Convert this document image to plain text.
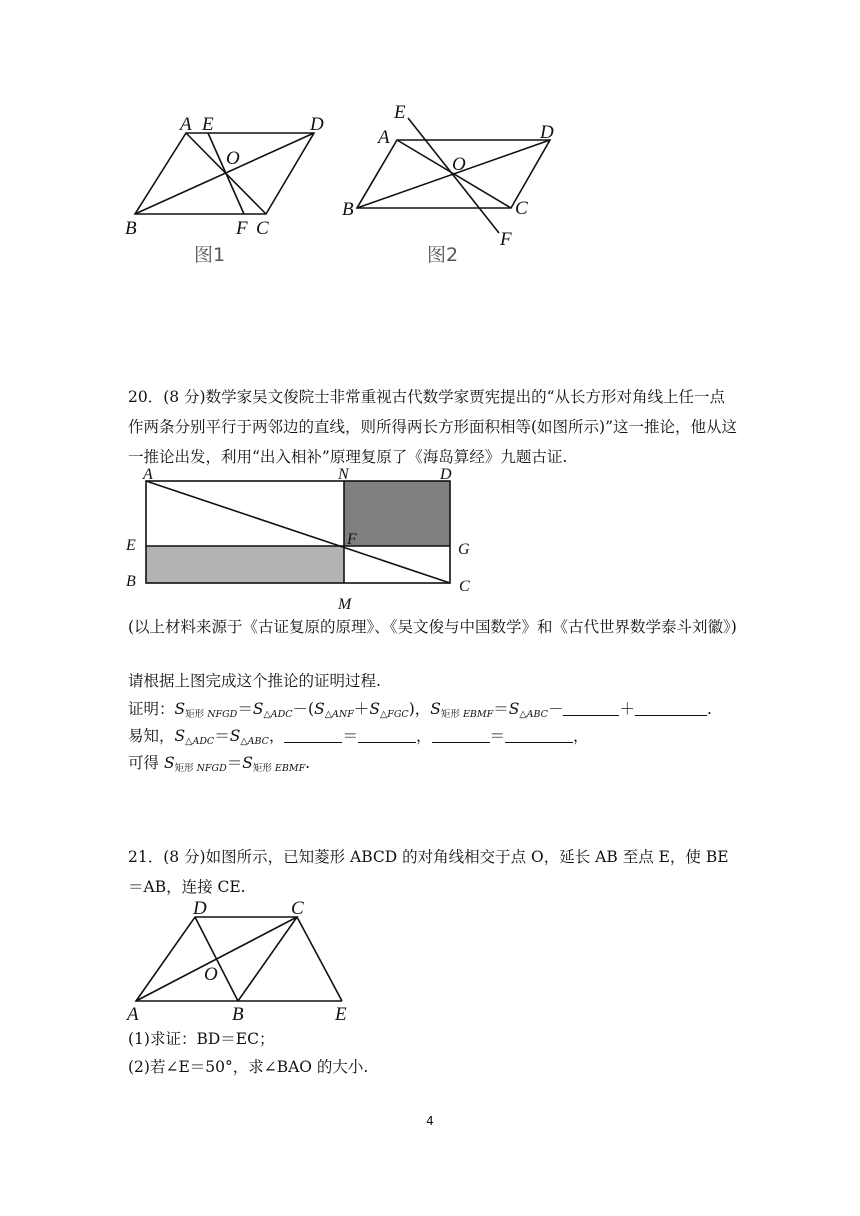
A E	D
O
B	F C
图1
E
A	D
O
B	C
F
图2
20．(8 分)数学家吴文俊院士非常重视古代数学家贾宪提出的“从长方形对角线上任一点作两条分别平行于两邻边的直线，则所得两长方形面积相等(如图所示)”这一推论，他从这一推论出发，利用“出入相补”原理复原了《海岛算经》九题古证.
A	N	D
E	F
G
B
M
C
(以上材料来源于《古证复原的原理》、《吴文俊与中国数学》和《古代世界数学泰斗刘徽》)
请根据上图完成这个推论的证明过程.
证明：$S_{矩形 NFGD}=S_{\triangle ADC}-(S_{\triangle ANF}+S_{\triangle FGC})$，$S_{矩形 EBMF}=S_{\triangle ABC}-$	＋	.
易知，$S_{\triangle ADC}=S_{\triangle ABC}$，	＝	，	＝	，
可得 $S_{矩形 NFGD}=S_{矩形 EBMF}$.
21．(8 分)如图所示，已知菱形 ABCD 的对角线相交于点 O，延长 AB 至点 E，使 BE＝AB，连接 CE.
D	C
O
A	B	E
(1)求证：BD＝EC；
(2)若∠E＝50°，求∠BAO 的大小.
4
